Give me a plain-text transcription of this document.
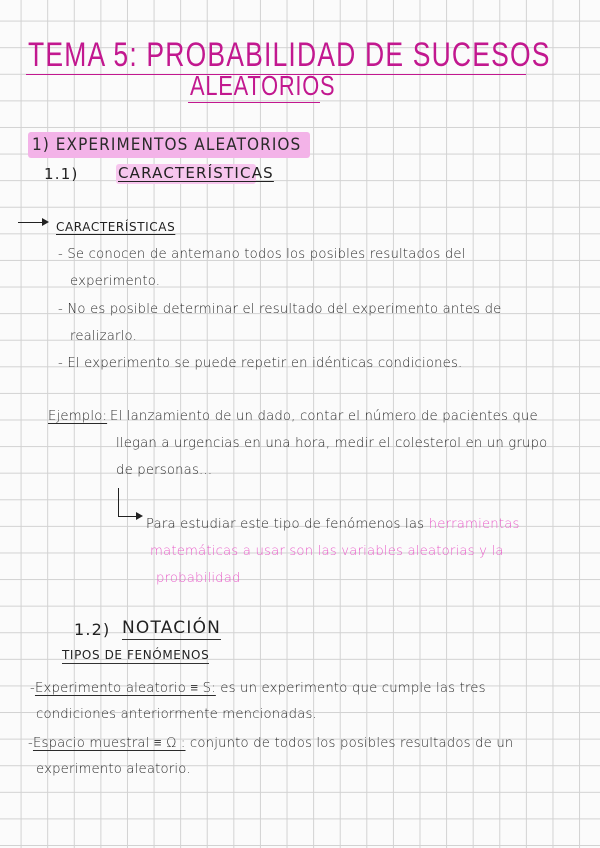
TEMA 5: PROBABILIDAD DE SUCESOS
ALEATORIOS
1) EXPERIMENTOS ALEATORIOS
1.1)	CARACTERÍSTICAS
CARACTERÍSTICAS
- Se conocen de antemano todos los posibles resultados del
experimento.
- No es posible determinar el resultado del experimento antes de
realizarlo.
- El experimento se puede repetir en idénticas condiciones.
Ejemplo: El lanzamiento de un dado, contar el número de pacientes que
llegan a urgencias en una hora, medir el colesterol en un grupo
de personas...
Para estudiar este tipo de fenómenos las herramientas
matemáticas a usar son las variables aleatorias y la
probabilidad
1.2) NOTACIÓN
TIPOS DE FENÓMENOS
-Experimento aleatorio ≡ S: es un experimento que cumple las tres
condiciones anteriormente mencionadas.
-Espacio muestral ≡ Ω : conjunto de todos los posibles resultados de un
experimento aleatorio.
